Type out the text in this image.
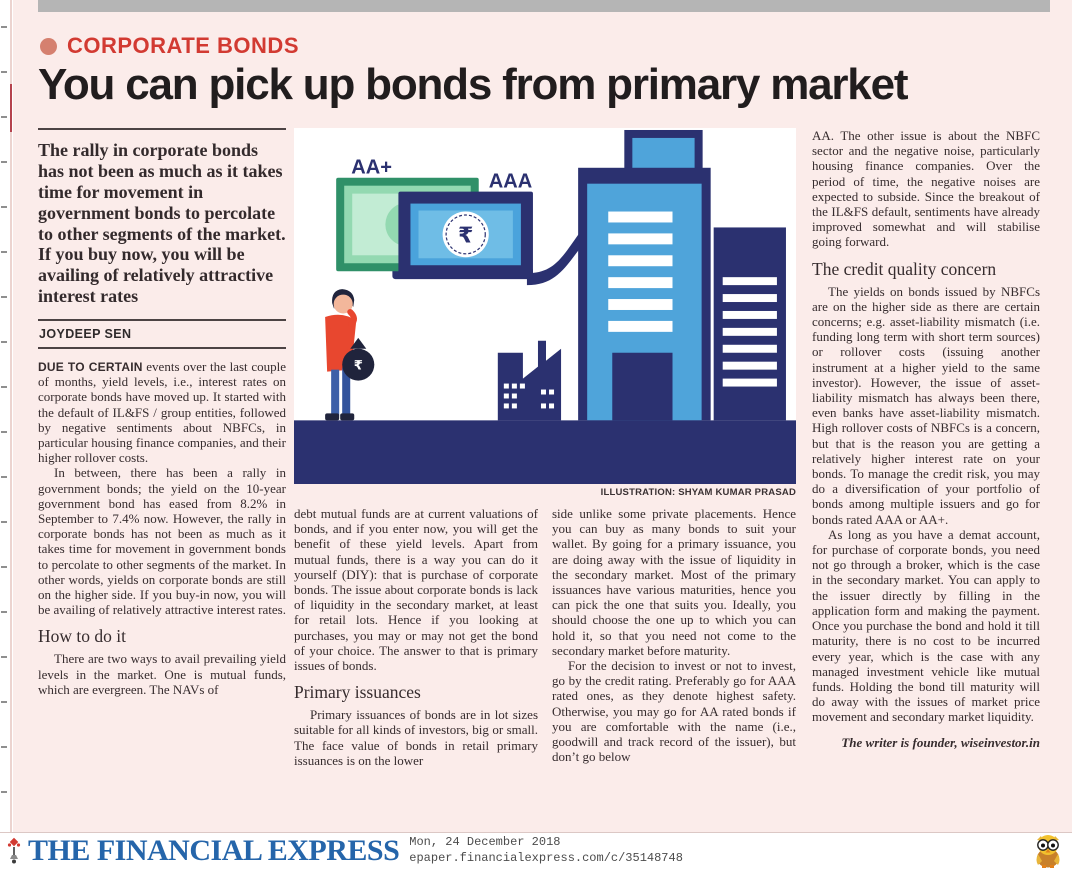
CORPORATE BONDS
You can pick up bonds from primary market

The rally in corporate bonds has not been as much as it takes time for movement in government bonds to percolate to other segments of the market. If you buy now, you will be availing of relatively attractive interest rates

JOYDEEP SEN

DUE TO CERTAIN events over the last couple of months, yield levels, i.e., interest rates on corporate bonds have moved up. It started with the default of IL&FS / group entities, followed by negative sentiments about NBFCs, in particular housing finance companies, and their higher rollover costs.

In between, there has been a rally in government bonds; the yield on the 10-year government bond has eased from 8.2% in September to 7.4% now. However, the rally in corporate bonds has not been as much as it takes time for movement in government bonds to percolate to other segments of the market. In other words, yields on corporate bonds are still on the higher side. If you buy-in now, you will be availing of relatively attractive interest rates.

How to do it

There are two ways to avail prevailing yield levels in the market. One is mutual funds, which are evergreen. The NAVs of

AA+
₹
AAA
₹
ILLUSTRATION: SHYAM KUMAR PRASAD

debt mutual funds are at current valuations of bonds, and if you enter now, you will get the benefit of these yield levels. Apart from mutual funds, there is a way you can do it yourself (DIY): that is purchase of corporate bonds. The issue about corporate bonds is lack of liquidity in the secondary market, at least for retail lots. Hence if you looking at purchases, you may or may not get the bond of your choice. The answer to that is primary issues of bonds.

Primary issuances

Primary issuances of bonds are in lot sizes suitable for all kinds of investors, big or small. The face value of bonds in retail primary issuances is on the lower

side unlike some private placements. Hence you can buy as many bonds to suit your wallet. By going for a primary issuance, you are doing away with the issue of liquidity in the secondary market. Most of the primary issuances have various maturities, hence you can pick the one that suits you. Ideally, you should choose the one up to which you can hold it, so that you need not come to the secondary market before maturity.

For the decision to invest or not to invest, go by the credit rating. Preferably go for AAA rated ones, as they denote highest safety. Otherwise, you may go for AA rated bonds if you are comfortable with the name (i.e., goodwill and track record of the issuer), but don’t go below

AA. The other issue is about the NBFC sector and the negative noise, particularly housing finance companies. Over the period of time, the negative noises are expected to subside. Since the breakout of the IL&FS default, sentiments have already improved somewhat and will stabilise going forward.

The credit quality concern

The yields on bonds issued by NBFCs are on the higher side as there are certain concerns; e.g. asset-liability mismatch (i.e. funding long term with short term sources) or rollover costs (issuing another instrument at a higher yield to the same investor). However, the issue of asset-liability mismatch has always been there, even banks have asset-liability mismatch. High rollover costs of NBFCs is a concern, but that is the reason you are getting a relatively higher interest rate on your bonds. To manage the credit risk, you may do a diversification of your portfolio of bonds among multiple issuers and go for bonds rated AAA or AA+.

As long as you have a demat account, for purchase of corporate bonds, you need not go through a broker, which is the case in the secondary market. You can apply to the issuer directly by filling in the application form and making the payment. Once you purchase the bond and hold it till maturity, there is no cost to be incurred every year, which is the case with any managed investment vehicle like mutual funds. Holding the bond till maturity will do away with the issues of market price movement and secondary market liquidity.

The writer is founder, wiseinvestor.in

THE FINANCIAL EXPRESS Mon, 24 December 2018
epaper.financialexpress.com/c/35148748
